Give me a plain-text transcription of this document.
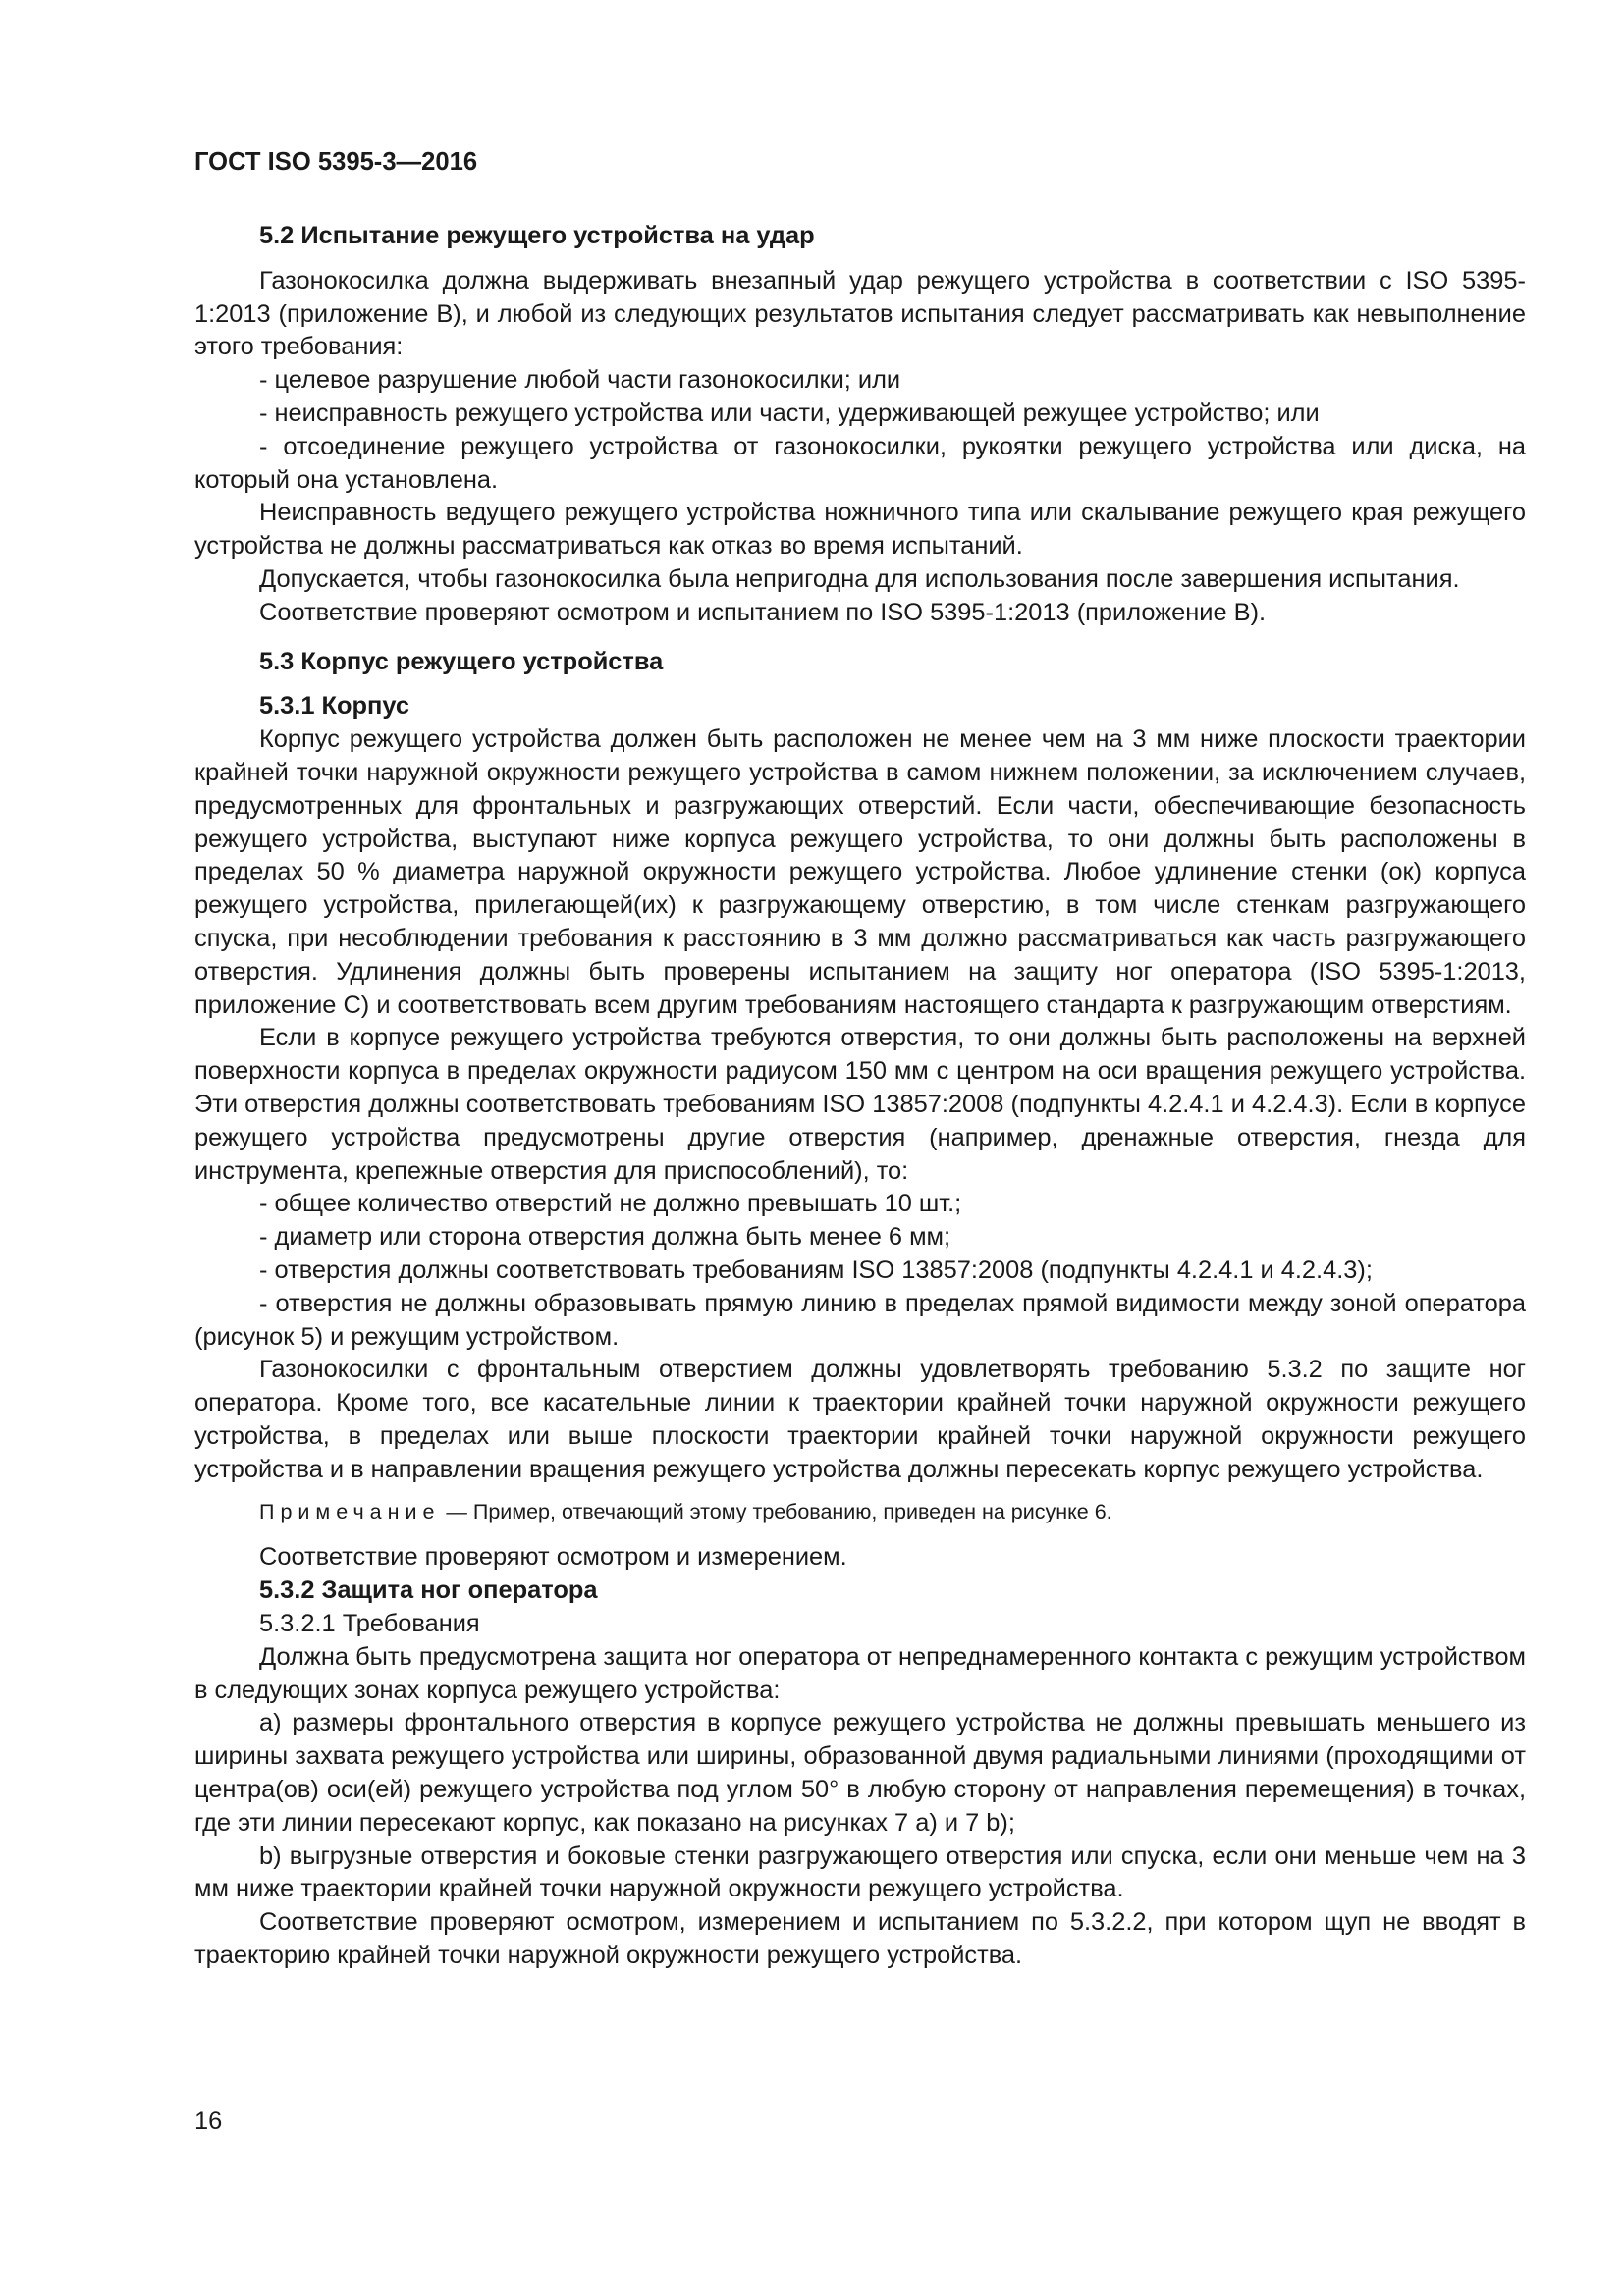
ГОСТ ISO 5395-3—2016
5.2 Испытание режущего устройства на удар

Газонокосилка должна выдерживать внезапный удар режущего устройства в соответствии с ISO 5395-1:2013 (приложение B), и любой из следующих результатов испытания следует рассматривать как невыполнение этого требования:

- целевое разрушение любой части газонокосилки; или

- неисправность режущего устройства или части, удерживающей режущее устройство; или

- отсоединение режущего устройства от газонокосилки, рукоятки режущего устройства или диска, на который она установлена.

Неисправность ведущего режущего устройства ножничного типа или скалывание режущего края режущего устройства не должны рассматриваться как отказ во время испытаний.

Допускается, чтобы газонокосилка была непригодна для использования после завершения испытания.

Соответствие проверяют осмотром и испытанием по ISO 5395-1:2013 (приложение B).

5.3 Корпус режущего устройства
5.3.1 Корпус

Корпус режущего устройства должен быть расположен не менее чем на 3 мм ниже плоскости траектории крайней точки наружной окружности режущего устройства в самом нижнем положении, за исключением случаев, предусмотренных для фронтальных и разгружающих отверстий. Если части, обеспечивающие безопасность режущего устройства, выступают ниже корпуса режущего устройства, то они должны быть расположены в пределах 50 % диаметра наружной окружности режущего устройства. Любое удлинение стенки (ок) корпуса режущего устройства, прилегающей(их) к разгружающему отверстию, в том числе стенкам разгружающего спуска, при несоблюдении требования к расстоянию в 3 мм должно рассматриваться как часть разгружающего отверстия. Удлинения должны быть проверены испытанием на защиту ног оператора (ISO 5395-1:2013, приложение C) и соответствовать всем другим требованиям настоящего стандарта к разгружающим отверстиям.

Если в корпусе режущего устройства требуются отверстия, то они должны быть расположены на верхней поверхности корпуса в пределах окружности радиусом 150 мм с центром на оси вращения режущего устройства. Эти отверстия должны соответствовать требованиям ISO 13857:2008 (подпункты 4.2.4.1 и 4.2.4.3). Если в корпусе режущего устройства предусмотрены другие отверстия (например, дренажные отверстия, гнезда для инструмента, крепежные отверстия для приспособлений), то:

- общее количество отверстий не должно превышать 10 шт.;

- диаметр или сторона отверстия должна быть менее 6 мм;

- отверстия должны соответствовать требованиям ISO 13857:2008 (подпункты 4.2.4.1 и 4.2.4.3);

- отверстия не должны образовывать прямую линию в пределах прямой видимости между зоной оператора (рисунок 5) и режущим устройством.

Газонокосилки с фронтальным отверстием должны удовлетворять требованию 5.3.2 по защите ног оператора. Кроме того, все касательные линии к траектории крайней точки наружной окружности режущего устройства, в пределах или выше плоскости траектории крайней точки наружной окружности режущего устройства и в направлении вращения режущего устройства должны пересекать корпус режущего устройства.

Примечание — Пример, отвечающий этому требованию, приведен на рисунке 6.

Соответствие проверяют осмотром и измерением.

5.3.2 Защита ног оператора
5.3.2.1 Требования

Должна быть предусмотрена защита ног оператора от непреднамеренного контакта с режущим устройством в следующих зонах корпуса режущего устройства:

а) размеры фронтального отверстия в корпусе режущего устройства не должны превышать меньшего из ширины захвата режущего устройства или ширины, образованной двумя радиальными линиями (проходящими от центра(ов) оси(ей) режущего устройства под углом 50° в любую сторону от направления перемещения) в точках, где эти линии пересекают корпус, как показано на рисунках 7 а) и 7 b);

b) выгрузные отверстия и боковые стенки разгружающего отверстия или спуска, если они меньше чем на 3 мм ниже траектории крайней точки наружной окружности режущего устройства.

Соответствие проверяют осмотром, измерением и испытанием по 5.3.2.2, при котором щуп не вводят в траекторию крайней точки наружной окружности режущего устройства.

16
